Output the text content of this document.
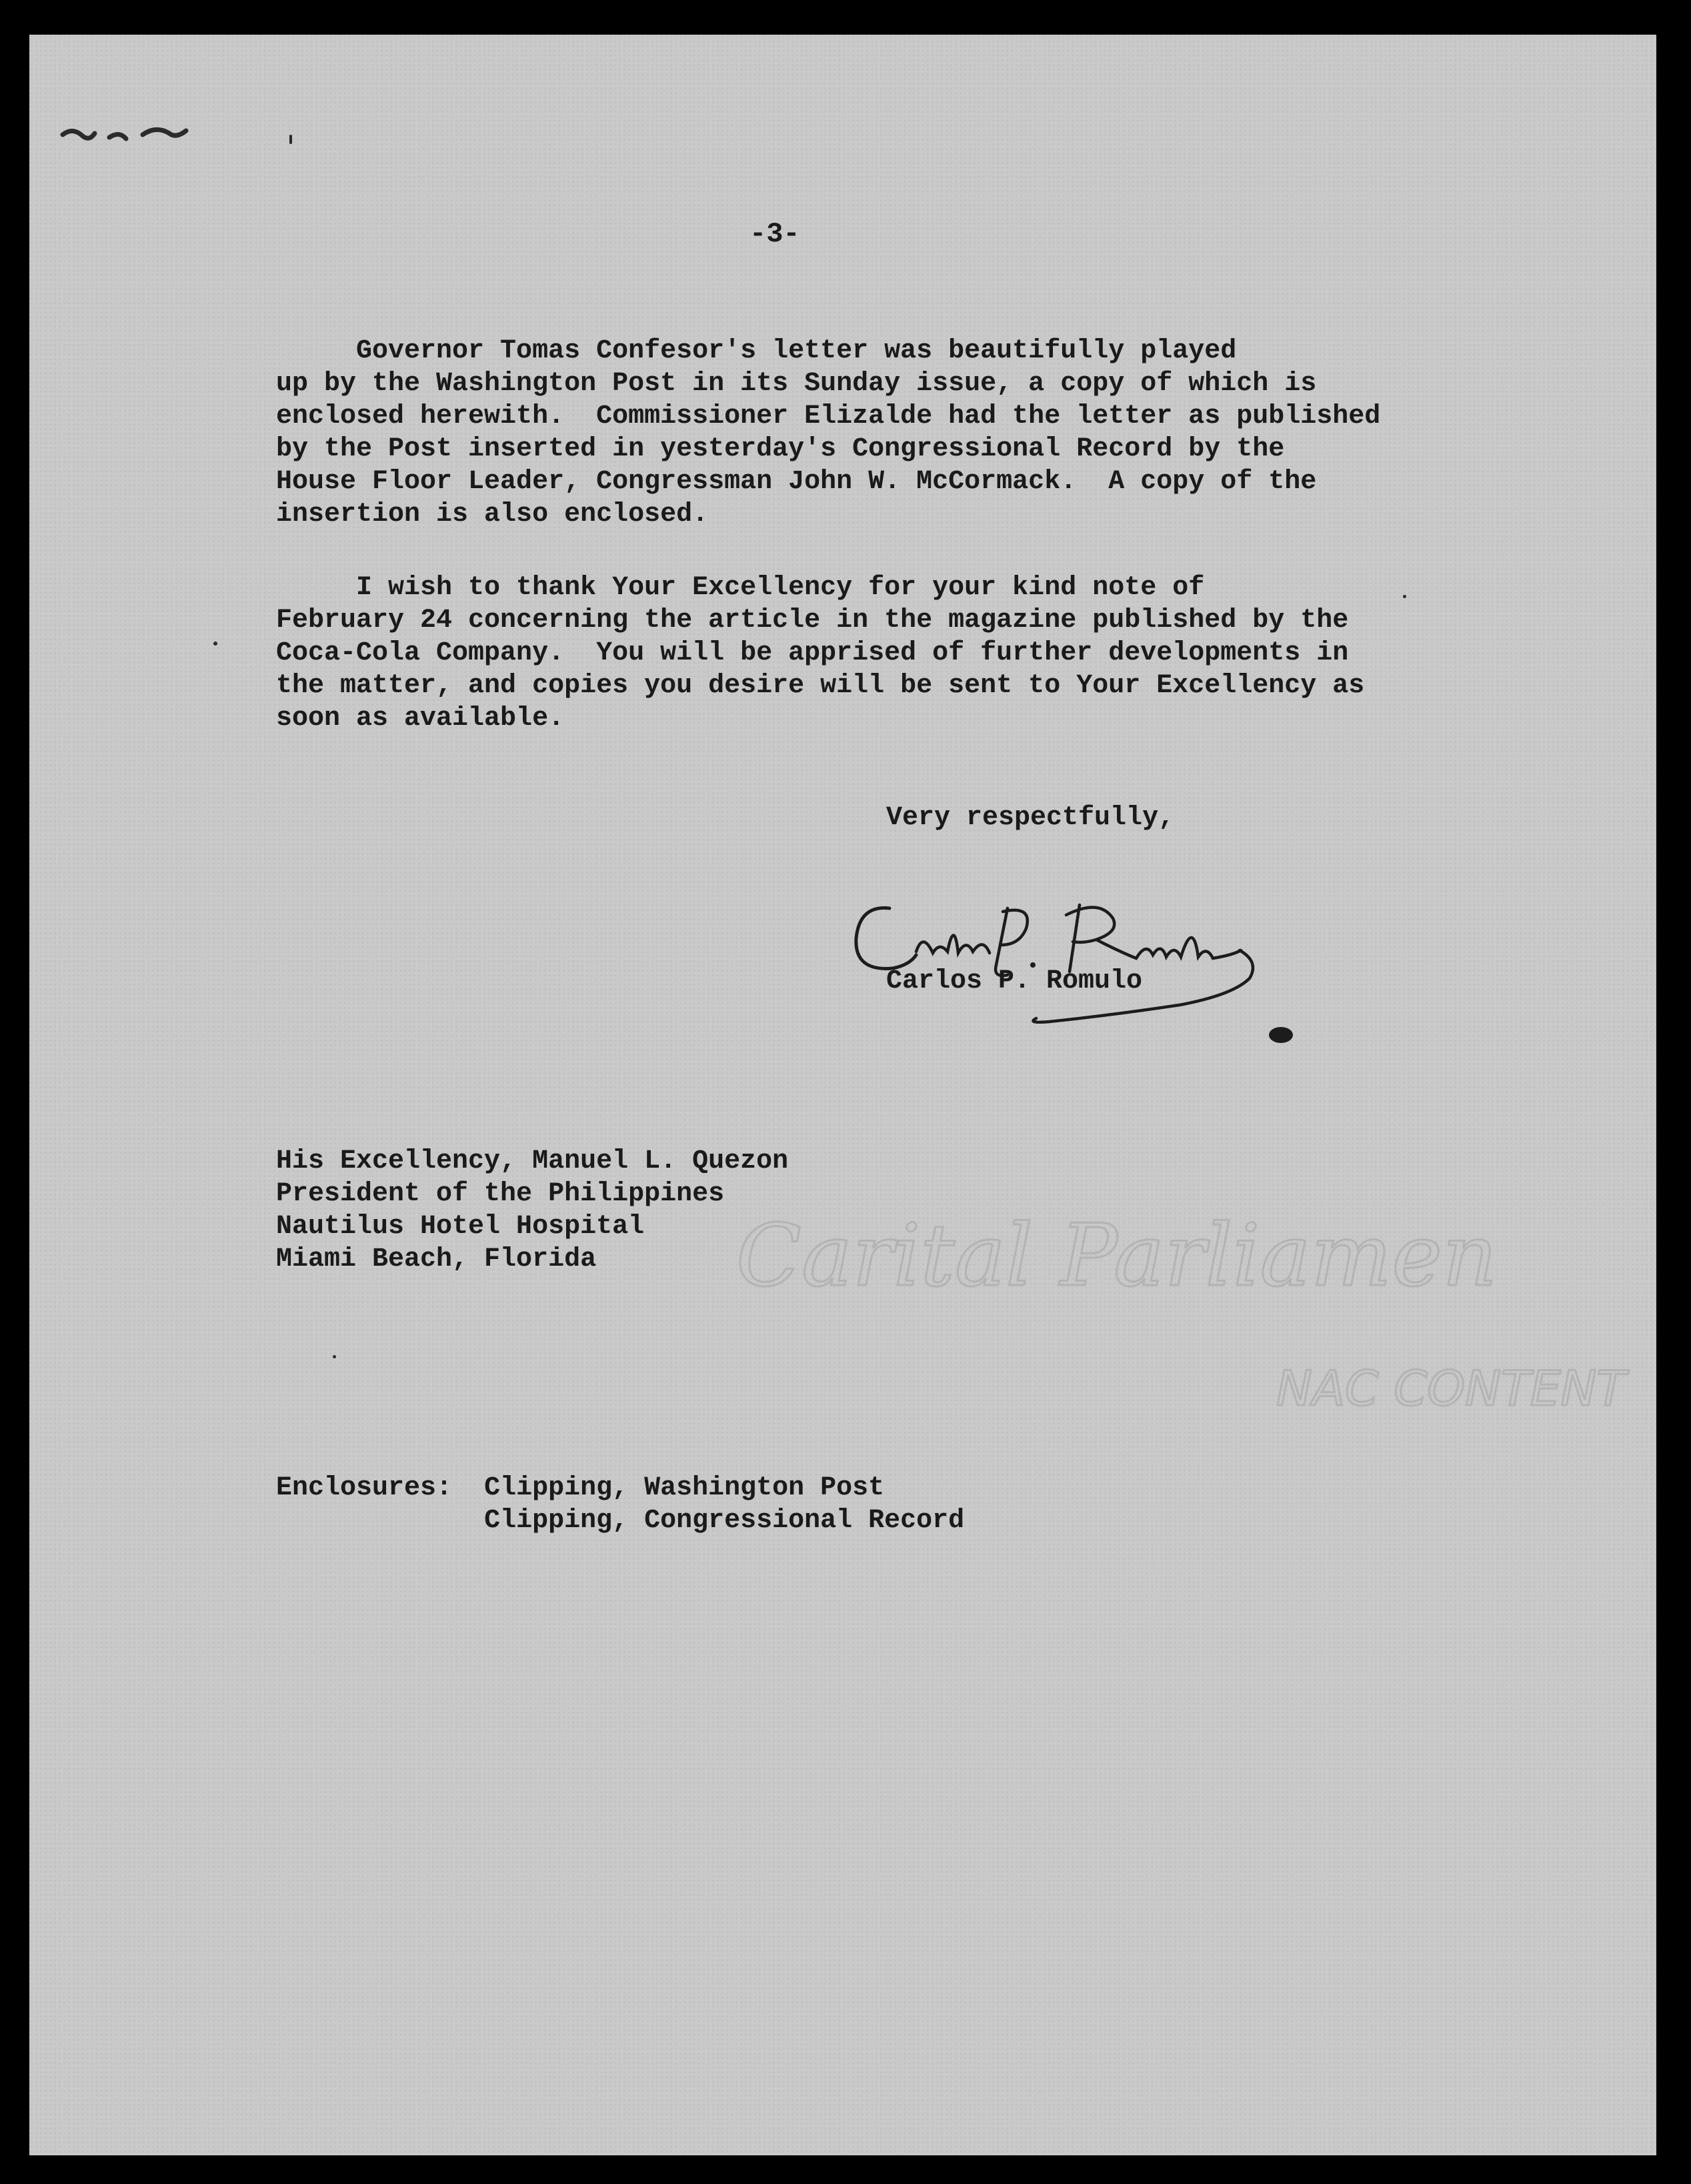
-3-
Governor Tomas Confesor's letter was beautifully played
up by the Washington Post in its Sunday issue, a copy of which is
enclosed herewith.  Commissioner Elizalde had the letter as published
by the Post inserted in yesterday's Congressional Record by the
House Floor Leader, Congressman John W. McCormack.  A copy of the
insertion is also enclosed.
I wish to thank Your Excellency for your kind note of
February 24 concerning the article in the magazine published by the
Coca-Cola Company.  You will be apprised of further developments in
the matter, and copies you desire will be sent to Your Excellency as
soon as available.
Very respectfully,
Carlos P. Romulo
Carital Parliamen
NAC CONTENT
His Excellency, Manuel L. Quezon
President of the Philippines
Nautilus Hotel Hospital
Miami Beach, Florida
Enclosures: Clipping, Washington Post
Clipping, Congressional Record
